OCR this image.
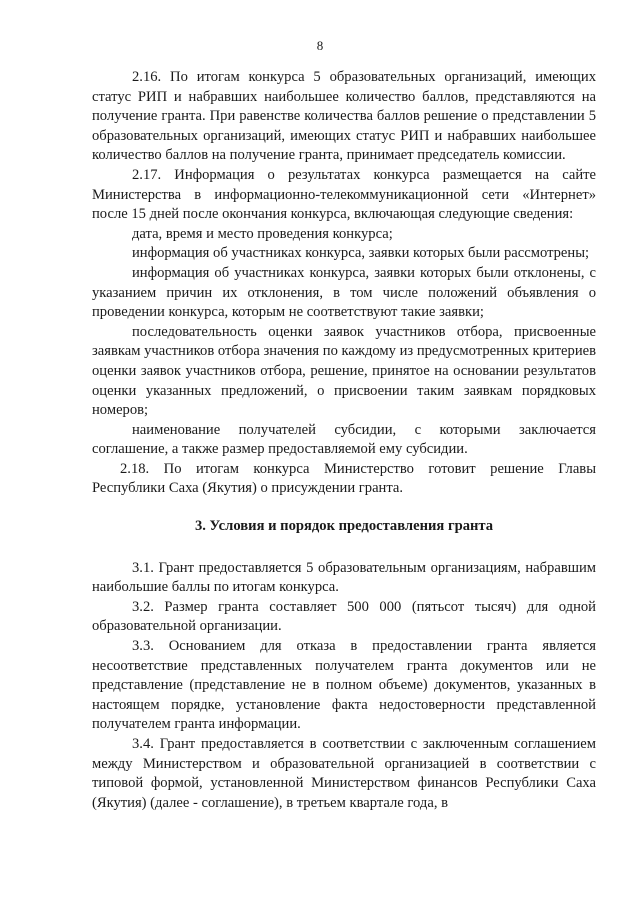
8

2.16. По итогам конкурса 5 образовательных организаций, имеющих статус РИП и набравших наибольшее количество баллов, представляются на получение гранта. При равенстве количества баллов решение о представлении 5 образовательных организаций, имеющих статус РИП и набравших наибольшее количество баллов на получение гранта, принимает председатель комиссии.

2.17. Информация о результатах конкурса размещается на сайте Министерства в информационно-телекоммуникационной сети «Интернет» после 15 дней после окончания конкурса, включающая следующие сведения:

дата, время и место проведения конкурса;

информация об участниках конкурса, заявки которых были рассмотрены;

информация об участниках конкурса, заявки которых были отклонены, с указанием причин их отклонения, в том числе положений объявления о проведении конкурса, которым не соответствуют такие заявки;

последовательность оценки заявок участников отбора, присвоенные заявкам участников отбора значения по каждому из предусмотренных критериев оценки заявок участников отбора, решение, принятое на основании результатов оценки указанных предложений, о присвоении таким заявкам порядковых номеров;

наименование получателей субсидии, с которыми заключается соглашение, а также размер предоставляемой ему субсидии.

2.18. По итогам конкурса Министерство готовит решение Главы Республики Саха (Якутия) о присуждении гранта.

3. Условия и порядок предоставления гранта

3.1. Грант предоставляется 5 образовательным организациям, набравшим наибольшие баллы по итогам конкурса.

3.2. Размер гранта составляет 500 000 (пятьсот тысяч) для одной образовательной организации.

3.3. Основанием для отказа в предоставлении гранта является несоответствие представленных получателем гранта документов или не представление (представление не в полном объеме) документов, указанных в настоящем порядке, установление факта недостоверности представленной получателем гранта информации.

3.4. Грант предоставляется в соответствии с заключенным соглашением между Министерством и образовательной организацией в соответствии с типовой формой, установленной Министерством финансов Республики Саха (Якутия) (далее - соглашение), в третьем квартале года, в
